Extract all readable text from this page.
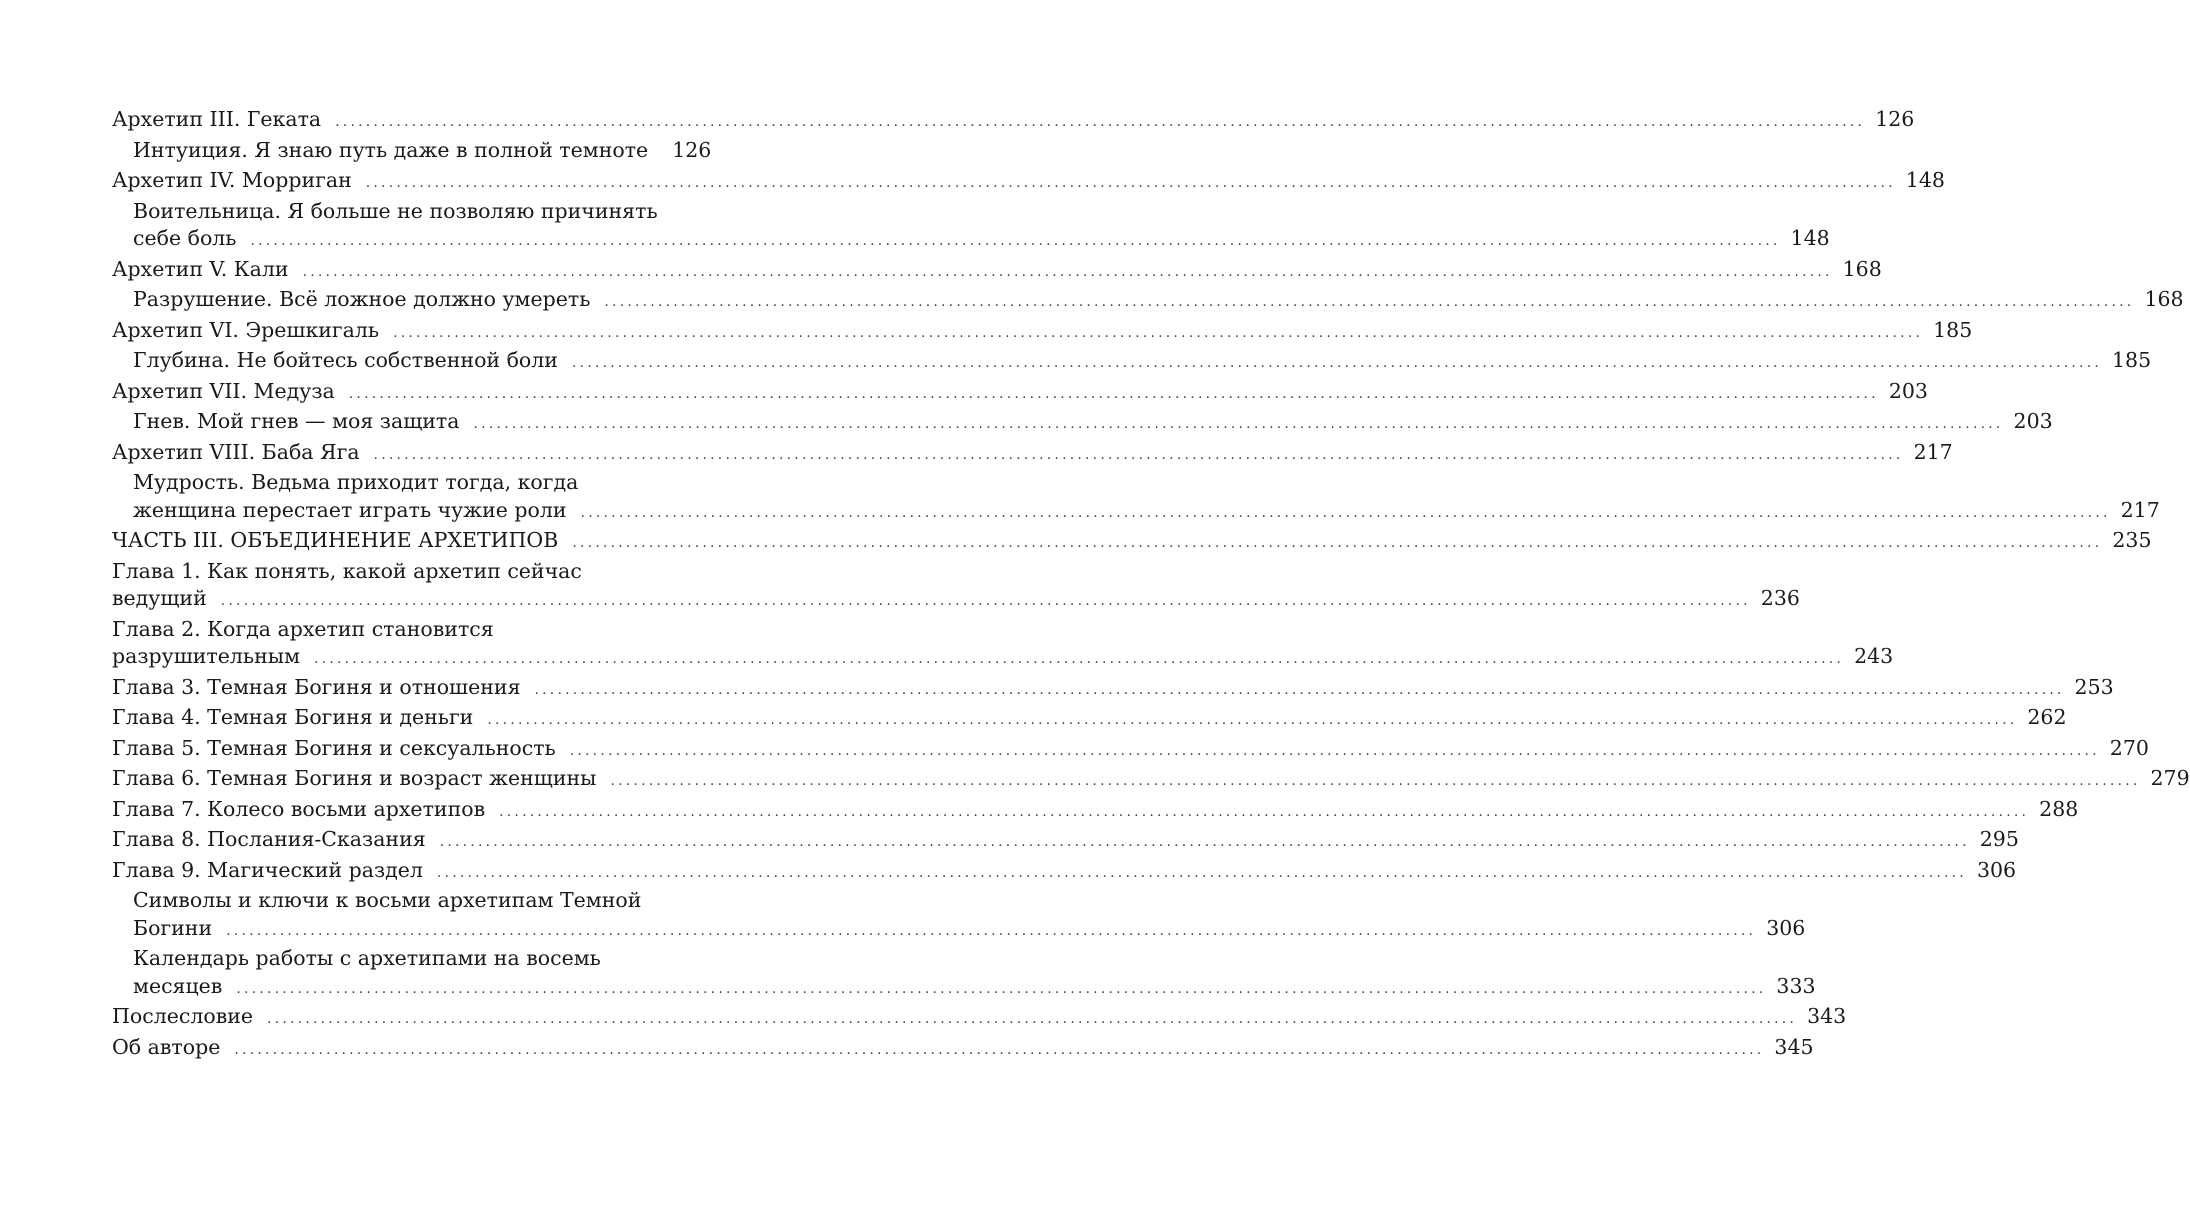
Архетип III. Геката ........................................................................................................................................................................................................ 126
Интуиция. Я знаю путь даже в полной темноте 126
Архетип IV. Морриган ........................................................................................................................................................................................................ 148
Воительница. Я больше не позволяю причинять
себе боль ........................................................................................................................................................................................................ 148
Архетип V. Кали ........................................................................................................................................................................................................ 168
Разрушение. Всё ложное должно умереть ........................................................................................................................................................................................................ 168
Архетип VI. Эрешкигаль ........................................................................................................................................................................................................ 185
Глубина. Не бойтесь собственной боли ........................................................................................................................................................................................................ 185
Архетип VII. Медуза ........................................................................................................................................................................................................ 203
Гнев. Мой гнев — моя защита ........................................................................................................................................................................................................ 203
Архетип VIII. Баба Яга ........................................................................................................................................................................................................ 217
Мудрость. Ведьма приходит тогда, когда
женщина перестает играть чужие роли ........................................................................................................................................................................................................ 217
ЧАСТЬ III. ОБЪЕДИНЕНИЕ АРХЕТИПОВ ........................................................................................................................................................................................................ 235
Глава 1. Как понять, какой архетип сейчас
ведущий ........................................................................................................................................................................................................ 236
Глава 2. Когда архетип становится
разрушительным ........................................................................................................................................................................................................ 243
Глава 3. Темная Богиня и отношения ........................................................................................................................................................................................................ 253
Глава 4. Темная Богиня и деньги ........................................................................................................................................................................................................ 262
Глава 5. Темная Богиня и сексуальность ........................................................................................................................................................................................................ 270
Глава 6. Темная Богиня и возраст женщины ........................................................................................................................................................................................................ 279
Глава 7. Колесо восьми архетипов ........................................................................................................................................................................................................ 288
Глава 8. Послания-Сказания ........................................................................................................................................................................................................ 295
Глава 9. Магический раздел ........................................................................................................................................................................................................ 306
Символы и ключи к восьми архетипам Темной
Богини ........................................................................................................................................................................................................ 306
Календарь работы с архетипами на восемь
месяцев ........................................................................................................................................................................................................ 333
Послесловие ........................................................................................................................................................................................................ 343
Об авторе ........................................................................................................................................................................................................ 345
